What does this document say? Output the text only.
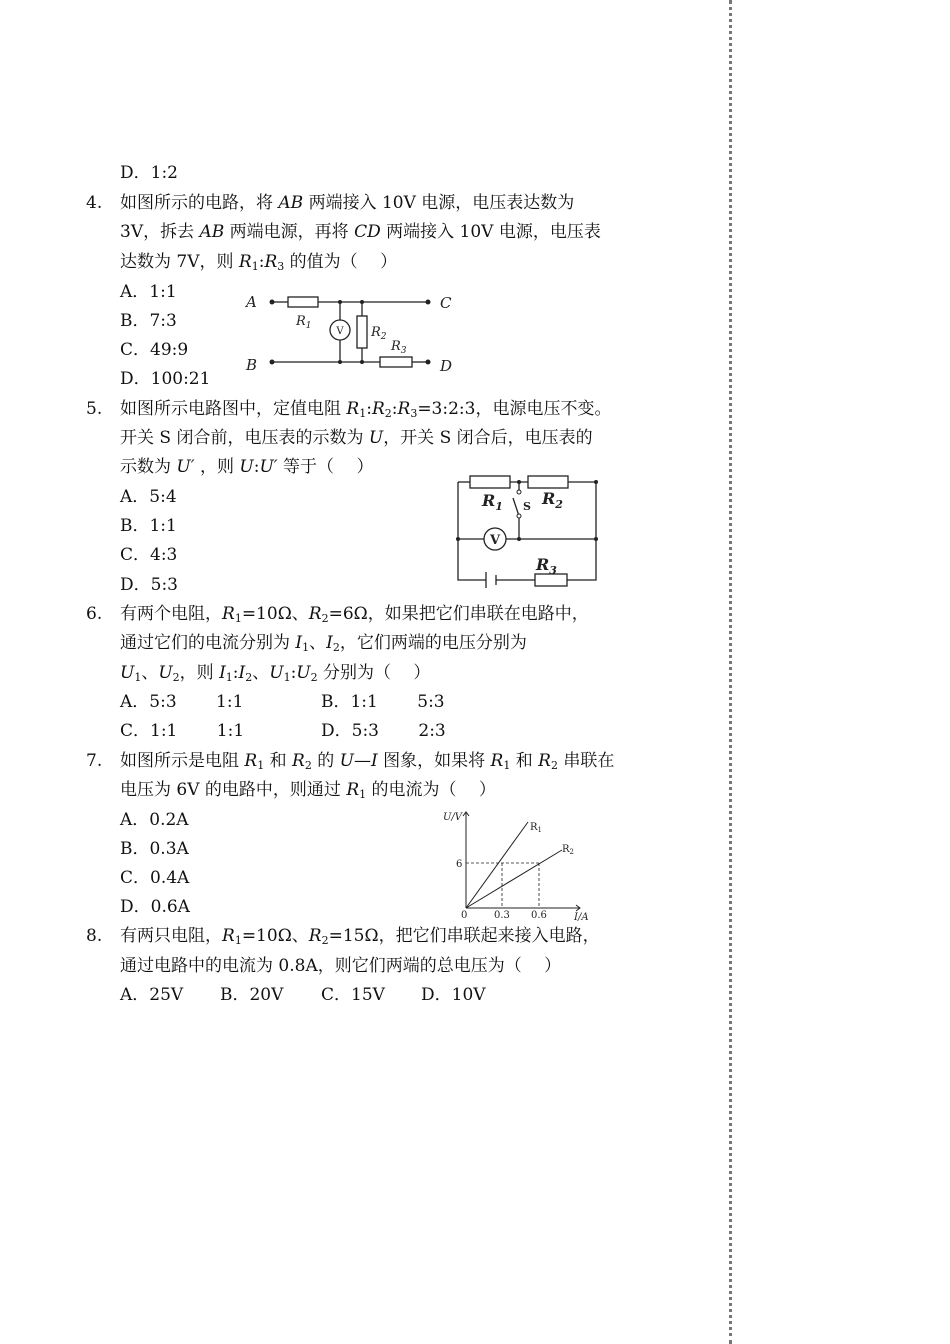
D．1:2
4. 如图所示的电路，将 AB 两端接入 10V 电源，电压表达数为
3V，拆去 AB 两端电源，再将 CD 两端接入 10V 电源，电压表
达数为 7V，则 $R_1:R_3$ 的值为（　 ）
A．1:1
B．7:3
C．49:9
D．100:21
A
B
C
D
$R_1$	$R_2$
$R_3$
V
5. 如图所示电路图中，定值电阻 $R_1:R_2:R_3=3:2:3$，电源电压不变。
开关 S 闭合前，电压表的示数为 U，开关 S 闭合后，电压表的
示数为 U′ ，则 U:U′ 等于（　 ）
A．5:4
B．1:1
C．4:3
D．5:3
$R_1$ $R_2$
$R_3$
S
V
6. 有两个电阻，$R_1=10\Omega$、$R_2=6\Omega$，如果把它们串联在电路中，
通过它们的电流分别为 $I_1$、$I_2$，它们两端的电压分别为
$U_1$、$U_2$，则 $I_1:I_2$、$U_1:U_2$ 分别为（　 ）
A．5:3　　 1:1	B．1:1　　 5:3
C．1:1　　 1:1	D．5:3　　 2:3
7. 如图所示是电阻 $R_1$ 和 $R_2$ 的 U—I 图象，如果将 $R_1$ 和 $R_2$ 串联在
电压为 6V 的电路中，则通过 $R_1$ 的电流为（　 ）
A．0.2A
B．0.3A
C．0.4A
D．0.6A
U/V
I/A
0
6
0.3 0.6
$R_1$
$R_2$
8. 有两只电阻，$R_1=10\Omega$、$R_2=15\Omega$，把它们串联起来接入电路，
通过电路中的电流为 0.8A，则它们两端的总电压为（　 ）
A．25V B．20V C．15V D．10V
